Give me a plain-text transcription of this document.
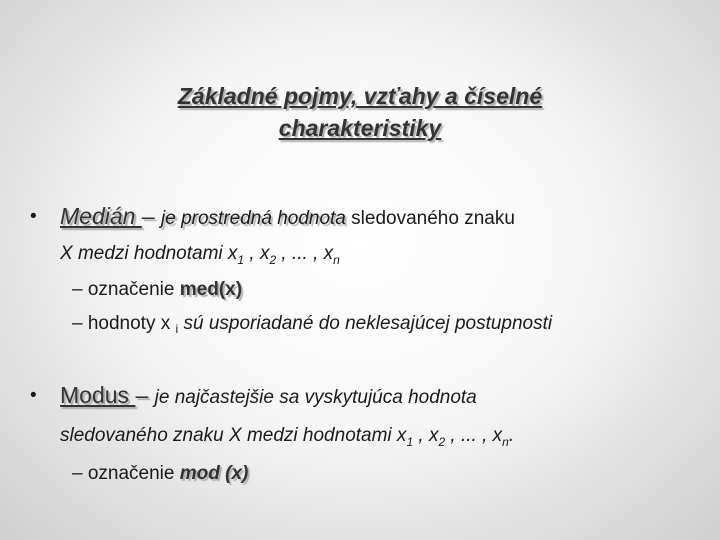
Základné pojmy, vzťahy a číselné
charakteristiky
• Medián – je prostredná hodnota sledovaného znaku
X medzi hodnotami $x_1$ , $x_2$ , ... , $x_n$
– označenie med(x)
– hodnoty x $_i$ sú usporiadané do neklesajúcej postupnosti
• Modus – je najčastejšie sa vyskytujúca hodnota
sledovaného znaku X medzi hodnotami $x_1$ , $x_2$ , ... , $x_n$.
– označenie mod (x)
